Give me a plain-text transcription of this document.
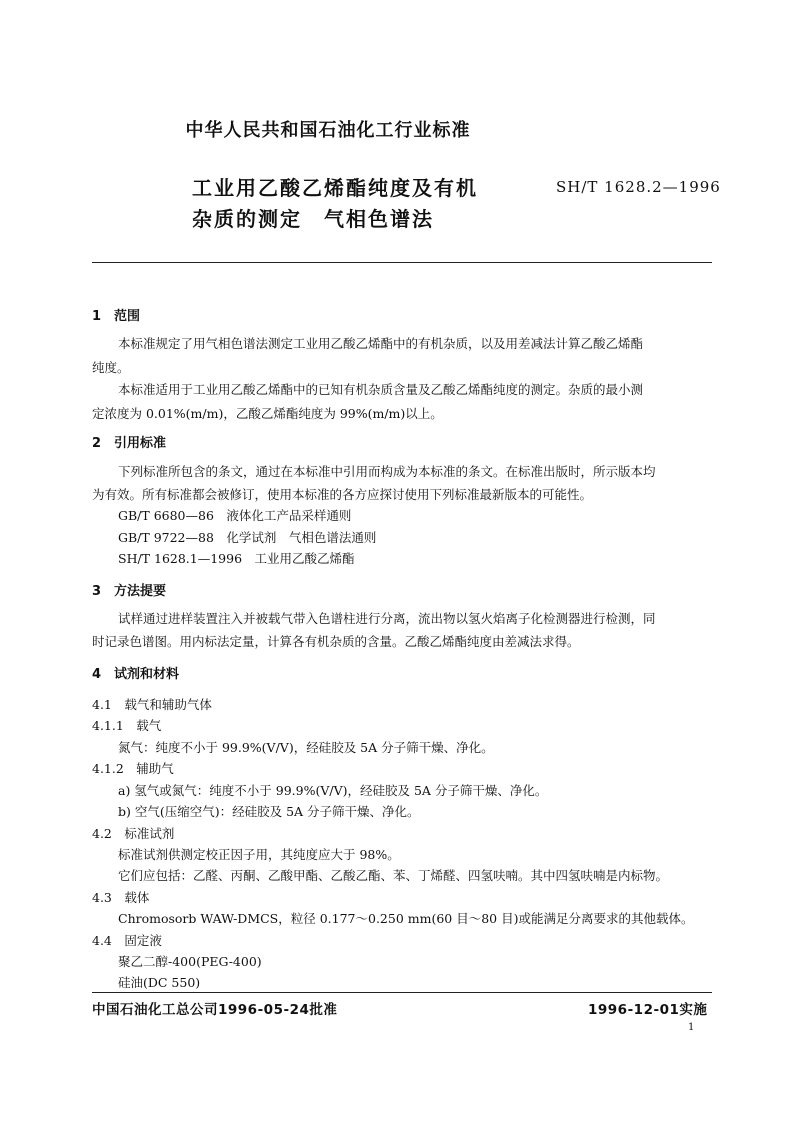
中华人民共和国石油化工行业标准
工业用乙酸乙烯酯纯度及有机
杂质的测定　气相色谱法
SH/T 1628.2—1996
1　范围
本标准规定了用气相色谱法测定工业用乙酸乙烯酯中的有机杂质，以及用差减法计算乙酸乙烯酯
纯度。
本标准适用于工业用乙酸乙烯酯中的已知有机杂质含量及乙酸乙烯酯纯度的测定。杂质的最小测
定浓度为 0.01%(m/m)，乙酸乙烯酯纯度为 99%(m/m)以上。
2　引用标准
下列标准所包含的条文，通过在本标准中引用而构成为本标准的条文。在标准出版时，所示版本均
为有效。所有标准都会被修订，使用本标准的各方应探讨使用下列标准最新版本的可能性。
GB/T 6680—86　液体化工产品采样通则
GB/T 9722—88　化学试剂　气相色谱法通则
SH/T 1628.1—1996　工业用乙酸乙烯酯
3　方法提要
试样通过进样装置注入并被载气带入色谱柱进行分离，流出物以氢火焰离子化检测器进行检测，同
时记录色谱图。用内标法定量，计算各有机杂质的含量。乙酸乙烯酯纯度由差减法求得。
4　试剂和材料
4.1　载气和辅助气体
4.1.1　载气
氮气：纯度不小于 99.9%(V/V)，经硅胶及 5A 分子筛干燥、净化。
4.1.2　辅助气
a) 氢气或氮气：纯度不小于 99.9%(V/V)，经硅胶及 5A 分子筛干燥、净化。
b) 空气(压缩空气)：经硅胶及 5A 分子筛干燥、净化。
4.2　标准试剂
标准试剂供测定校正因子用，其纯度应大于 98%。
它们应包括：乙醛、丙酮、乙酸甲酯、乙酸乙酯、苯、丁烯醛、四氢呋喃。其中四氢呋喃是内标物。
4.3　载体
Chromosorb WAW-DMCS，粒径 0.177～0.250 mm(60 目～80 目)或能满足分离要求的其他载体。
4.4　固定液
聚乙二醇-400(PEG-400)
硅油(DC 550)
中国石油化工总公司1996-05-24批准	1996-12-01实施
1
